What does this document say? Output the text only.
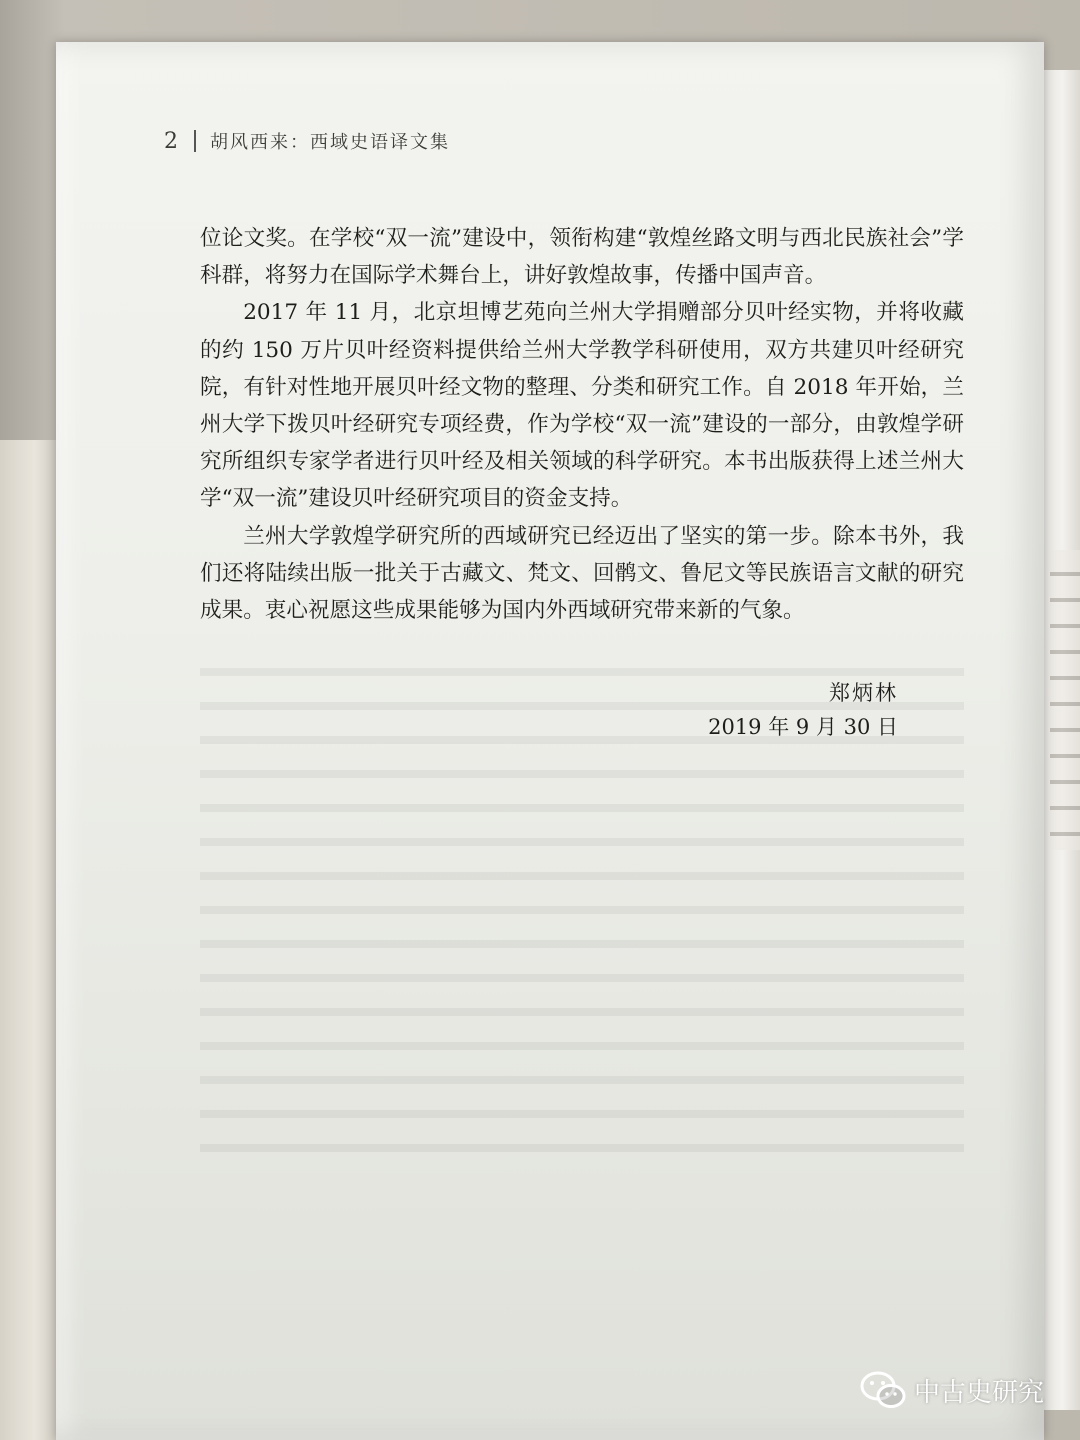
2 胡风西来：西域史语译文集

位论文奖。在学校“双一流”建设中，领衔构建“敦煌丝路文明与西北民族社会”学科群，将努力在国际学术舞台上，讲好敦煌故事，传播中国声音。

2017 年 11 月，北京坦博艺苑向兰州大学捐赠部分贝叶经实物，并将收藏的约 150 万片贝叶经资料提供给兰州大学教学科研使用，双方共建贝叶经研究院，有针对性地开展贝叶经文物的整理、分类和研究工作。自 2018 年开始，兰州大学下拨贝叶经研究专项经费，作为学校“双一流”建设的一部分，由敦煌学研究所组织专家学者进行贝叶经及相关领域的科学研究。本书出版获得上述兰州大学“双一流”建设贝叶经研究项目的资金支持。

兰州大学敦煌学研究所的西域研究已经迈出了坚实的第一步。除本书外，我们还将陆续出版一批关于古藏文、梵文、回鹘文、鲁尼文等民族语言文献的研究成果。衷心祝愿这些成果能够为国内外西域研究带来新的气象。

郑炳林
2019 年 9 月 30 日
中古史研究
